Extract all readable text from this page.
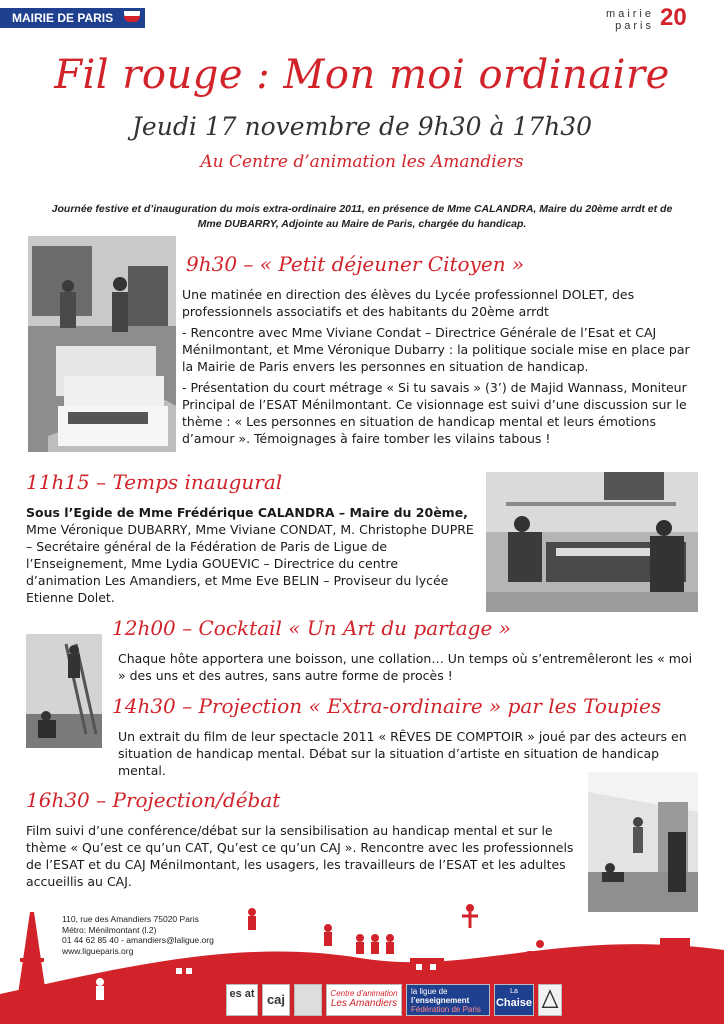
MAIRIE DE PARIS	mairie
paris 20
Fil rouge : Mon moi ordinaire
Jeudi 17 novembre de 9h30 à 17h30
Au Centre d’animation les Amandiers
Journée festive et d’inauguration du mois extra-ordinaire 2011, en présence de Mme CALANDRA, Maire du 20ème arrdt et de Mme DUBARRY, Adjointe au Maire de Paris, chargée du handicap.
9h30 – « Petit déjeuner Citoyen »

Une matinée en direction des élèves du Lycée professionnel DOLET, des professionnels associatifs et des habitants du 20ème arrdt

- Rencontre avec Mme Viviane Condat – Directrice Générale de l’Esat et CAJ Ménilmontant, et Mme Véronique Dubarry : la politique sociale mise en place par la Mairie de Paris envers les personnes en situation de handicap.

- Présentation du court métrage « Si tu savais » (3’) de Majid Wannass, Moniteur Principal de l’ESAT Ménilmontant. Ce visionnage est suivi d’une discussion sur le thème : « Les personnes en situation de handicap mental et leurs émotions d’amour ». Témoignages à faire tomber les vilains tabous !

11h15 – Temps inaugural
Sous l’Egide de Mme Frédérique CALANDRA – Maire du 20ème, Mme Véronique DUBARRY, Mme Viviane CONDAT, M. Christophe DUPRE – Secrétaire général de la Fédération de Paris de Ligue de l’Enseignement, Mme Lydia GOUEVIC – Directrice du centre d’animation Les Amandiers, et Mme Eve BELIN – Proviseur du lycée Etienne Dolet.
12h00 – Cocktail « Un Art du partage »

Chaque hôte apportera une boisson, une collation… Un temps où s’entremêleront les « moi » des uns et des autres, sans autre forme de procès !

14h30 – Projection « Extra-ordinaire » par les Toupies

Un extrait du film de leur spectacle 2011 « RÊVES DE COMPTOIR » joué par des acteurs en situation de handicap mental. Débat sur la situation d’artiste en situation de handicap mental.

16h30 – Projection/débat

Film suivi d’une conférence/débat sur la sensibilisation au handicap mental et sur le thème « Qu’est ce qu’un CAT, Qu’est ce qu’un CAJ ». Rencontre avec les professionnels de l’ESAT et du CAJ Ménilmontant, les usagers, les travailleurs de l’ESAT et les adultes accueillis au CAJ.

110, rue des Amandiers 75020 Paris
Métro: Ménilmontant (l.2)
01 44 62 85 40 - amandiers@laligue.org
www.ligueparis.org
es at caj	Centre d’animation
Les Amandiers
la ligue de
l’enseignement
Fédération de Paris
La
Chaise
